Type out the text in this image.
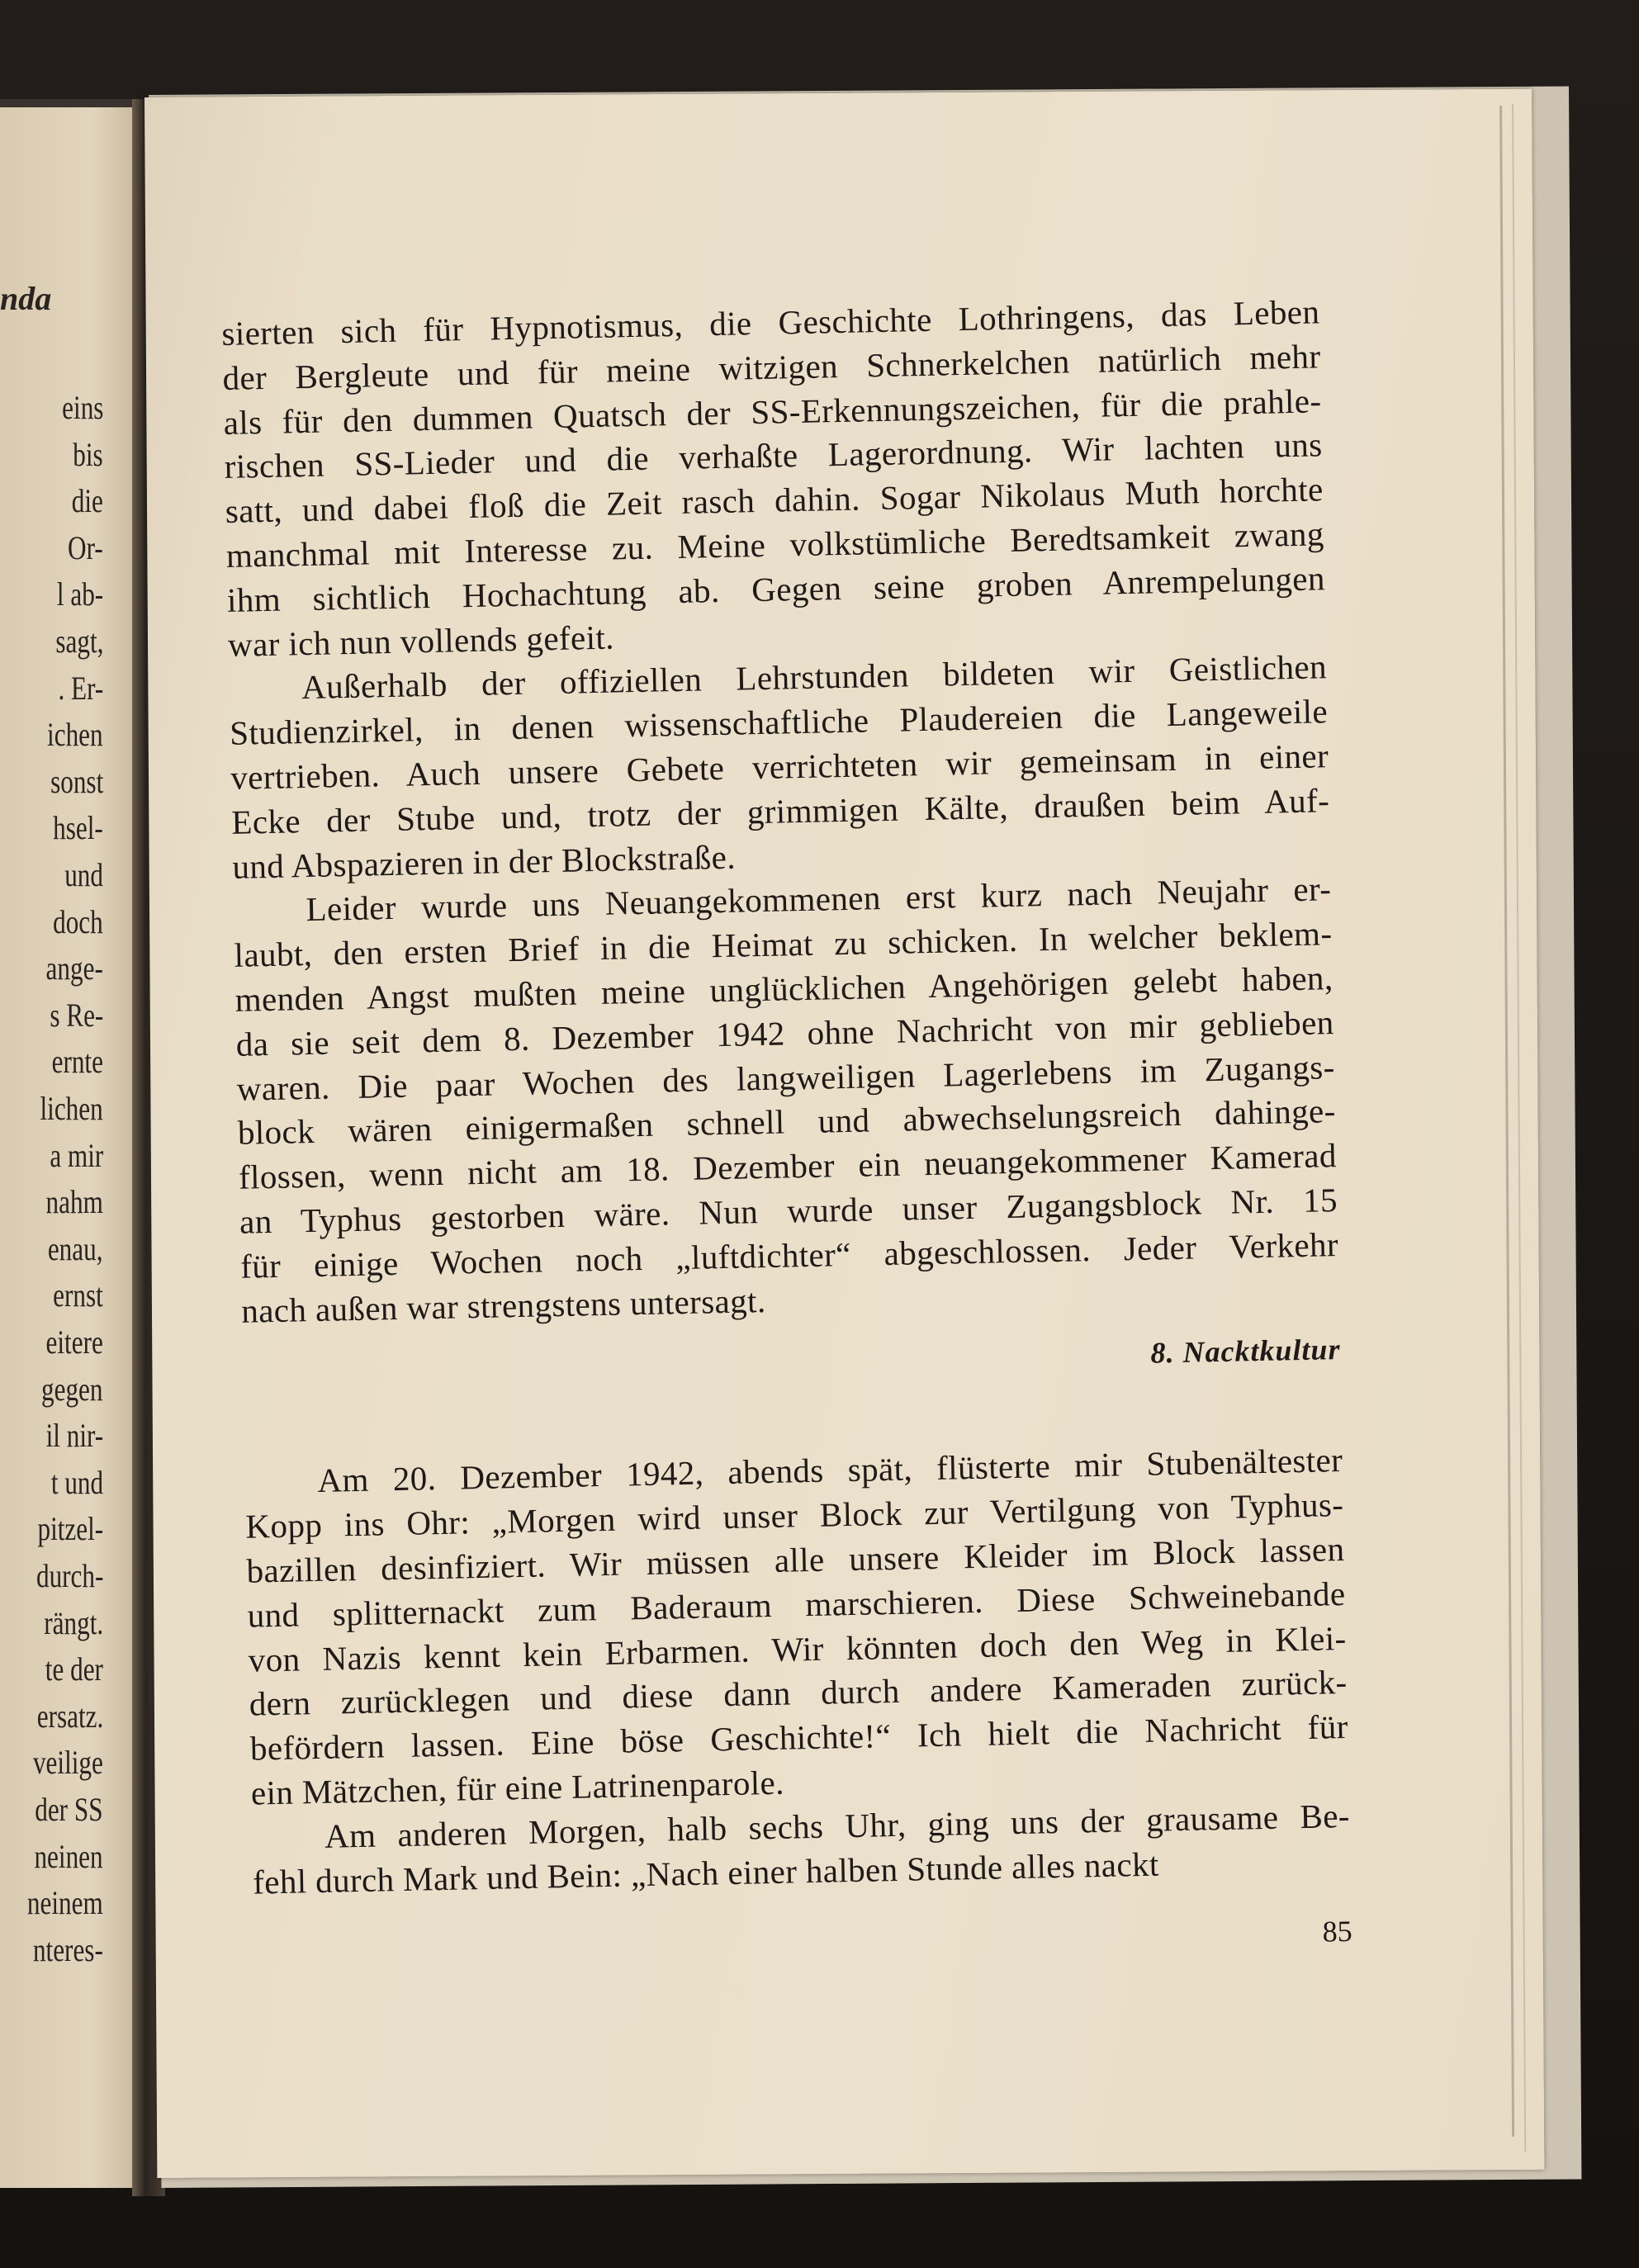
nda
eins
bis
die
Or-
l ab-
sagt,
. Er-
ichen
sonst
hsel-
und
doch
ange-
s Re-
ernte
lichen
a mir
nahm
enau,
ernst
eitere
gegen
il nir-
t und
pitzel-
durch-
rängt.
te der
ersatz.
veilige
der SS
neinen
neinem
nteres-
sierten sich für Hypnotismus, die Geschichte Lothringens, das Leben
der Bergleute und für meine witzigen Schnerkelchen natürlich mehr
als für den dummen Quatsch der SS-Erkennungszeichen, für die prahle-
rischen SS-Lieder und die verhaßte Lagerordnung. Wir lachten uns
satt, und dabei floß die Zeit rasch dahin. Sogar Nikolaus Muth horchte
manchmal mit Interesse zu. Meine volkstümliche Beredtsamkeit zwang
ihm sichtlich Hochachtung ab. Gegen seine groben Anrempelungen
war ich nun vollends gefeit.
Außerhalb der offiziellen Lehrstunden bildeten wir Geistlichen
Studienzirkel, in denen wissenschaftliche Plaudereien die Langeweile
vertrieben. Auch unsere Gebete verrichteten wir gemeinsam in einer
Ecke der Stube und, trotz der grimmigen Kälte, draußen beim Auf-
und Abspazieren in der Blockstraße.
Leider wurde uns Neuangekommenen erst kurz nach Neujahr er-
laubt, den ersten Brief in die Heimat zu schicken. In welcher beklem-
menden Angst mußten meine unglücklichen Angehörigen gelebt haben,
da sie seit dem 8. Dezember 1942 ohne Nachricht von mir geblieben
waren. Die paar Wochen des langweiligen Lagerlebens im Zugangs-
block wären einigermaßen schnell und abwechselungsreich dahinge-
flossen, wenn nicht am 18. Dezember ein neuangekommener Kamerad
an Typhus gestorben wäre. Nun wurde unser Zugangsblock Nr. 15
für einige Wochen noch „luftdichter“ abgeschlossen. Jeder Verkehr
nach außen war strengstens untersagt.
8. Nacktkultur
Am 20. Dezember 1942, abends spät, flüsterte mir Stubenältester
Kopp ins Ohr: „Morgen wird unser Block zur Vertilgung von Typhus-
bazillen desinfiziert. Wir müssen alle unsere Kleider im Block lassen
und splitternackt zum Baderaum marschieren. Diese Schweinebande
von Nazis kennt kein Erbarmen. Wir könnten doch den Weg in Klei-
dern zurücklegen und diese dann durch andere Kameraden zurück-
befördern lassen. Eine böse Geschichte!“ Ich hielt die Nachricht für
ein Mätzchen, für eine Latrinenparole.
Am anderen Morgen, halb sechs Uhr, ging uns der grausame Be-
fehl durch Mark und Bein: „Nach einer halben Stunde alles nackt
85
